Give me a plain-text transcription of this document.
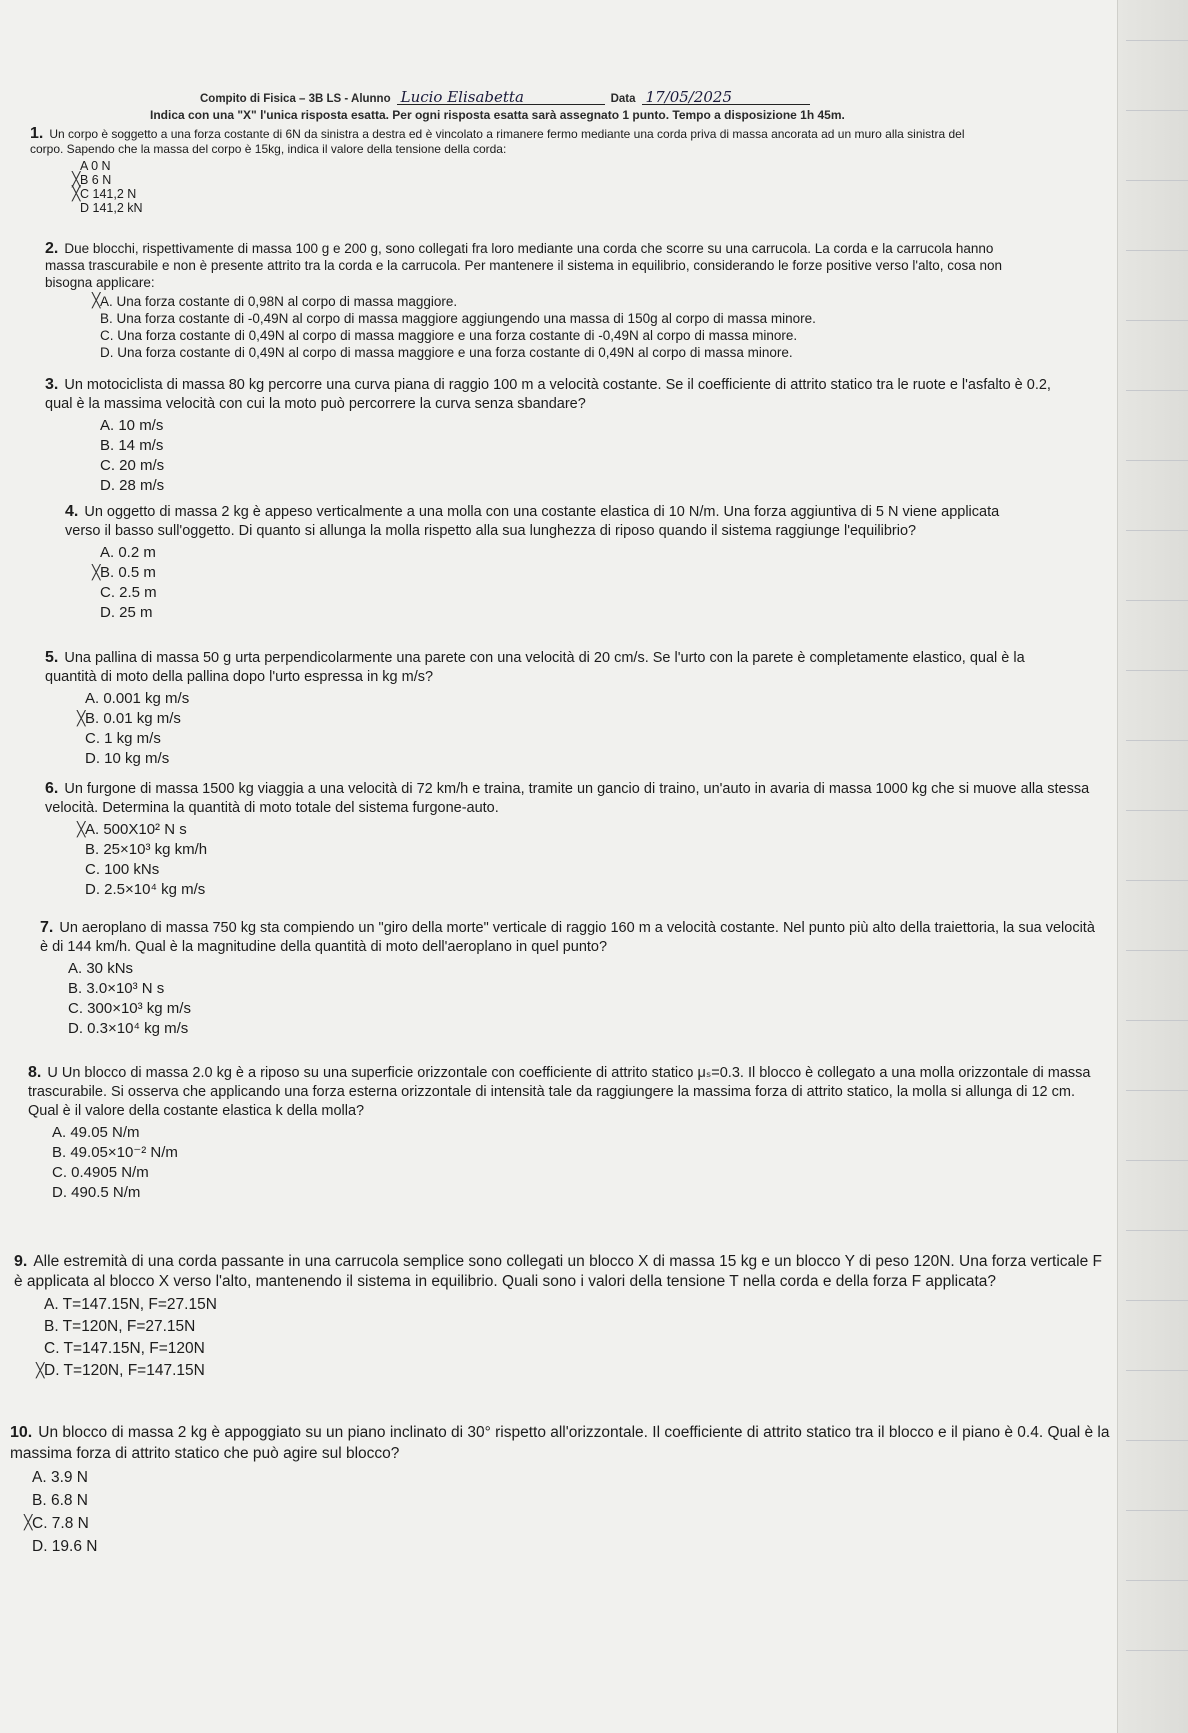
Compito di Fisica – 3B LS - Alunno Lucio Elisabetta	Data 17/05/2025
Indica con una "X" l'unica risposta esatta. Per ogni risposta esatta sarà assegnato 1 punto. Tempo a disposizione 1h 45m.

1. Un corpo è soggetto a una forza costante di 6N da sinistra a destra ed è vincolato a rimanere fermo mediante una corda priva di massa ancorata ad un muro alla sinistra del corpo. Sapendo che la massa del corpo è 15kg, indica il valore della tensione della corda:

A 0 N
B 6 N
╳
C 141,2 N
╳
D 141,2 kN

2. Due blocchi, rispettivamente di massa 100 g e 200 g, sono collegati fra loro mediante una corda che scorre su una carrucola. La corda e la carrucola hanno massa trascurabile e non è presente attrito tra la corda e la carrucola. Per mantenere il sistema in equilibrio, considerando le forze positive verso l'alto, cosa non bisogna applicare:

A. Una forza costante di 0,98N al corpo di massa maggiore.
╳
B. Una forza costante di -0,49N al corpo di massa maggiore aggiungendo una massa di 150g al corpo di massa minore.
C. Una forza costante di 0,49N al corpo di massa maggiore e una forza costante di -0,49N al corpo di massa minore.
D. Una forza costante di 0,49N al corpo di massa maggiore e una forza costante di 0,49N al corpo di massa minore.

3. Un motociclista di massa 80 kg percorre una curva piana di raggio 100 m a velocità costante. Se il coefficiente di attrito statico tra le ruote e l'asfalto è 0.2, qual è la massima velocità con cui la moto può percorrere la curva senza sbandare?

A. 10 m/s
B. 14 m/s
C. 20 m/s
D. 28 m/s

4. Un oggetto di massa 2 kg è appeso verticalmente a una molla con una costante elastica di 10 N/m. Una forza aggiuntiva di 5 N viene applicata verso il basso sull'oggetto. Di quanto si allunga la molla rispetto alla sua lunghezza di riposo quando il sistema raggiunge l'equilibrio?

A. 0.2 m
B. 0.5 m
╳
C. 2.5 m
D. 25 m

5. Una pallina di massa 50 g urta perpendicolarmente una parete con una velocità di 20 cm/s. Se l'urto con la parete è completamente elastico, qual è la quantità di moto della pallina dopo l'urto espressa in kg m/s?

A. 0.001 kg m/s
B. 0.01 kg m/s
╳
C. 1 kg m/s
D. 10 kg m/s

6. Un furgone di massa 1500 kg viaggia a una velocità di 72 km/h e traina, tramite un gancio di traino, un'auto in avaria di massa 1000 kg che si muove alla stessa velocità. Determina la quantità di moto totale del sistema furgone-auto.

A. 500X10² N s
╳
B. 25×10³ kg km/h
C. 100 kNs
D. 2.5×10⁴ kg m/s

7. Un aeroplano di massa 750 kg sta compiendo un "giro della morte" verticale di raggio 160 m a velocità costante. Nel punto più alto della traiettoria, la sua velocità è di 144 km/h. Qual è la magnitudine della quantità di moto dell'aeroplano in quel punto?

A. 30 kNs
B. 3.0×10³ N s
C. 300×10³ kg m/s
D. 0.3×10⁴ kg m/s

8. U Un blocco di massa 2.0 kg è a riposo su una superficie orizzontale con coefficiente di attrito statico μₛ=0.3. Il blocco è collegato a una molla orizzontale di massa trascurabile. Si osserva che applicando una forza esterna orizzontale di intensità tale da raggiungere la massima forza di attrito statico, la molla si allunga di 12 cm. Qual è il valore della costante elastica k della molla?

A. 49.05 N/m
B. 49.05×10⁻² N/m
C. 0.4905 N/m
D. 490.5 N/m

9. Alle estremità di una corda passante in una carrucola semplice sono collegati un blocco X di massa 15 kg e un blocco Y di peso 120N. Una forza verticale F è applicata al blocco X verso l'alto, mantenendo il sistema in equilibrio. Quali sono i valori della tensione T nella corda e della forza F applicata?

A. T=147.15N, F=27.15N
B. T=120N, F=27.15N
C. T=147.15N, F=120N
D. T=120N, F=147.15N
╳

10. Un blocco di massa 2 kg è appoggiato su un piano inclinato di 30° rispetto all'orizzontale. Il coefficiente di attrito statico tra il blocco e il piano è 0.4. Qual è la massima forza di attrito statico che può agire sul blocco?

A. 3.9 N
B. 6.8 N
C. 7.8 N
╳
D. 19.6 N
